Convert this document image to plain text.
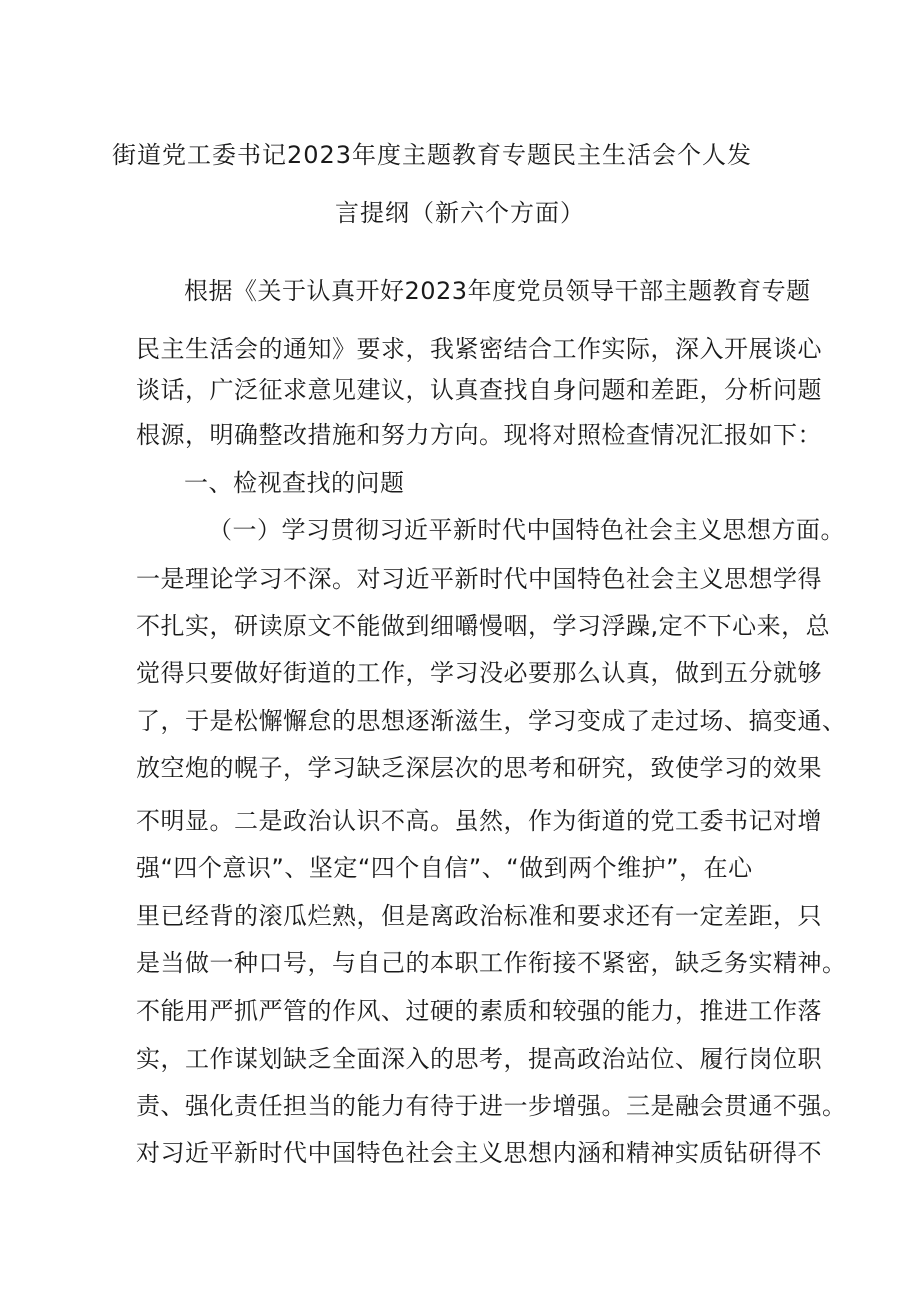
街道党工委书记2023年度主题教育专题民主生活会个人发
言提纲（新六个方面）
根据《关于认真开好2023年度党员领导干部主题教育专题
民主生活会的通知》要求，我紧密结合工作实际，深入开展谈心
谈话，广泛征求意见建议，认真查找自身问题和差距，分析问题
根源，明确整改措施和努力方向。现将对照检查情况汇报如下：
一、检视查找的问题
（一）学习贯彻习近平新时代中国特色社会主义思想方面。
一是理论学习不深。对习近平新时代中国特色社会主义思想学得
不扎实，研读原文不能做到细嚼慢咽，学习浮躁,定不下心来，总
觉得只要做好街道的工作，学习没必要那么认真，做到五分就够
了，于是松懈懈怠的思想逐渐滋生，学习变成了走过场、搞变通、
放空炮的幌子，学习缺乏深层次的思考和研究，致使学习的效果
不明显。二是政治认识不高。虽然，作为街道的党工委书记对增
强“四个意识”、坚定“四个自信”、“做到两个维护”，在心
里已经背的滚瓜烂熟，但是离政治标准和要求还有一定差距，只
是当做一种口号，与自己的本职工作衔接不紧密，缺乏务实精神。
不能用严抓严管的作风、过硬的素质和较强的能力，推进工作落
实，工作谋划缺乏全面深入的思考，提高政治站位、履行岗位职
责、强化责任担当的能力有待于进一步增强。三是融会贯通不强。
对习近平新时代中国特色社会主义思想内涵和精神实质钻研得不
